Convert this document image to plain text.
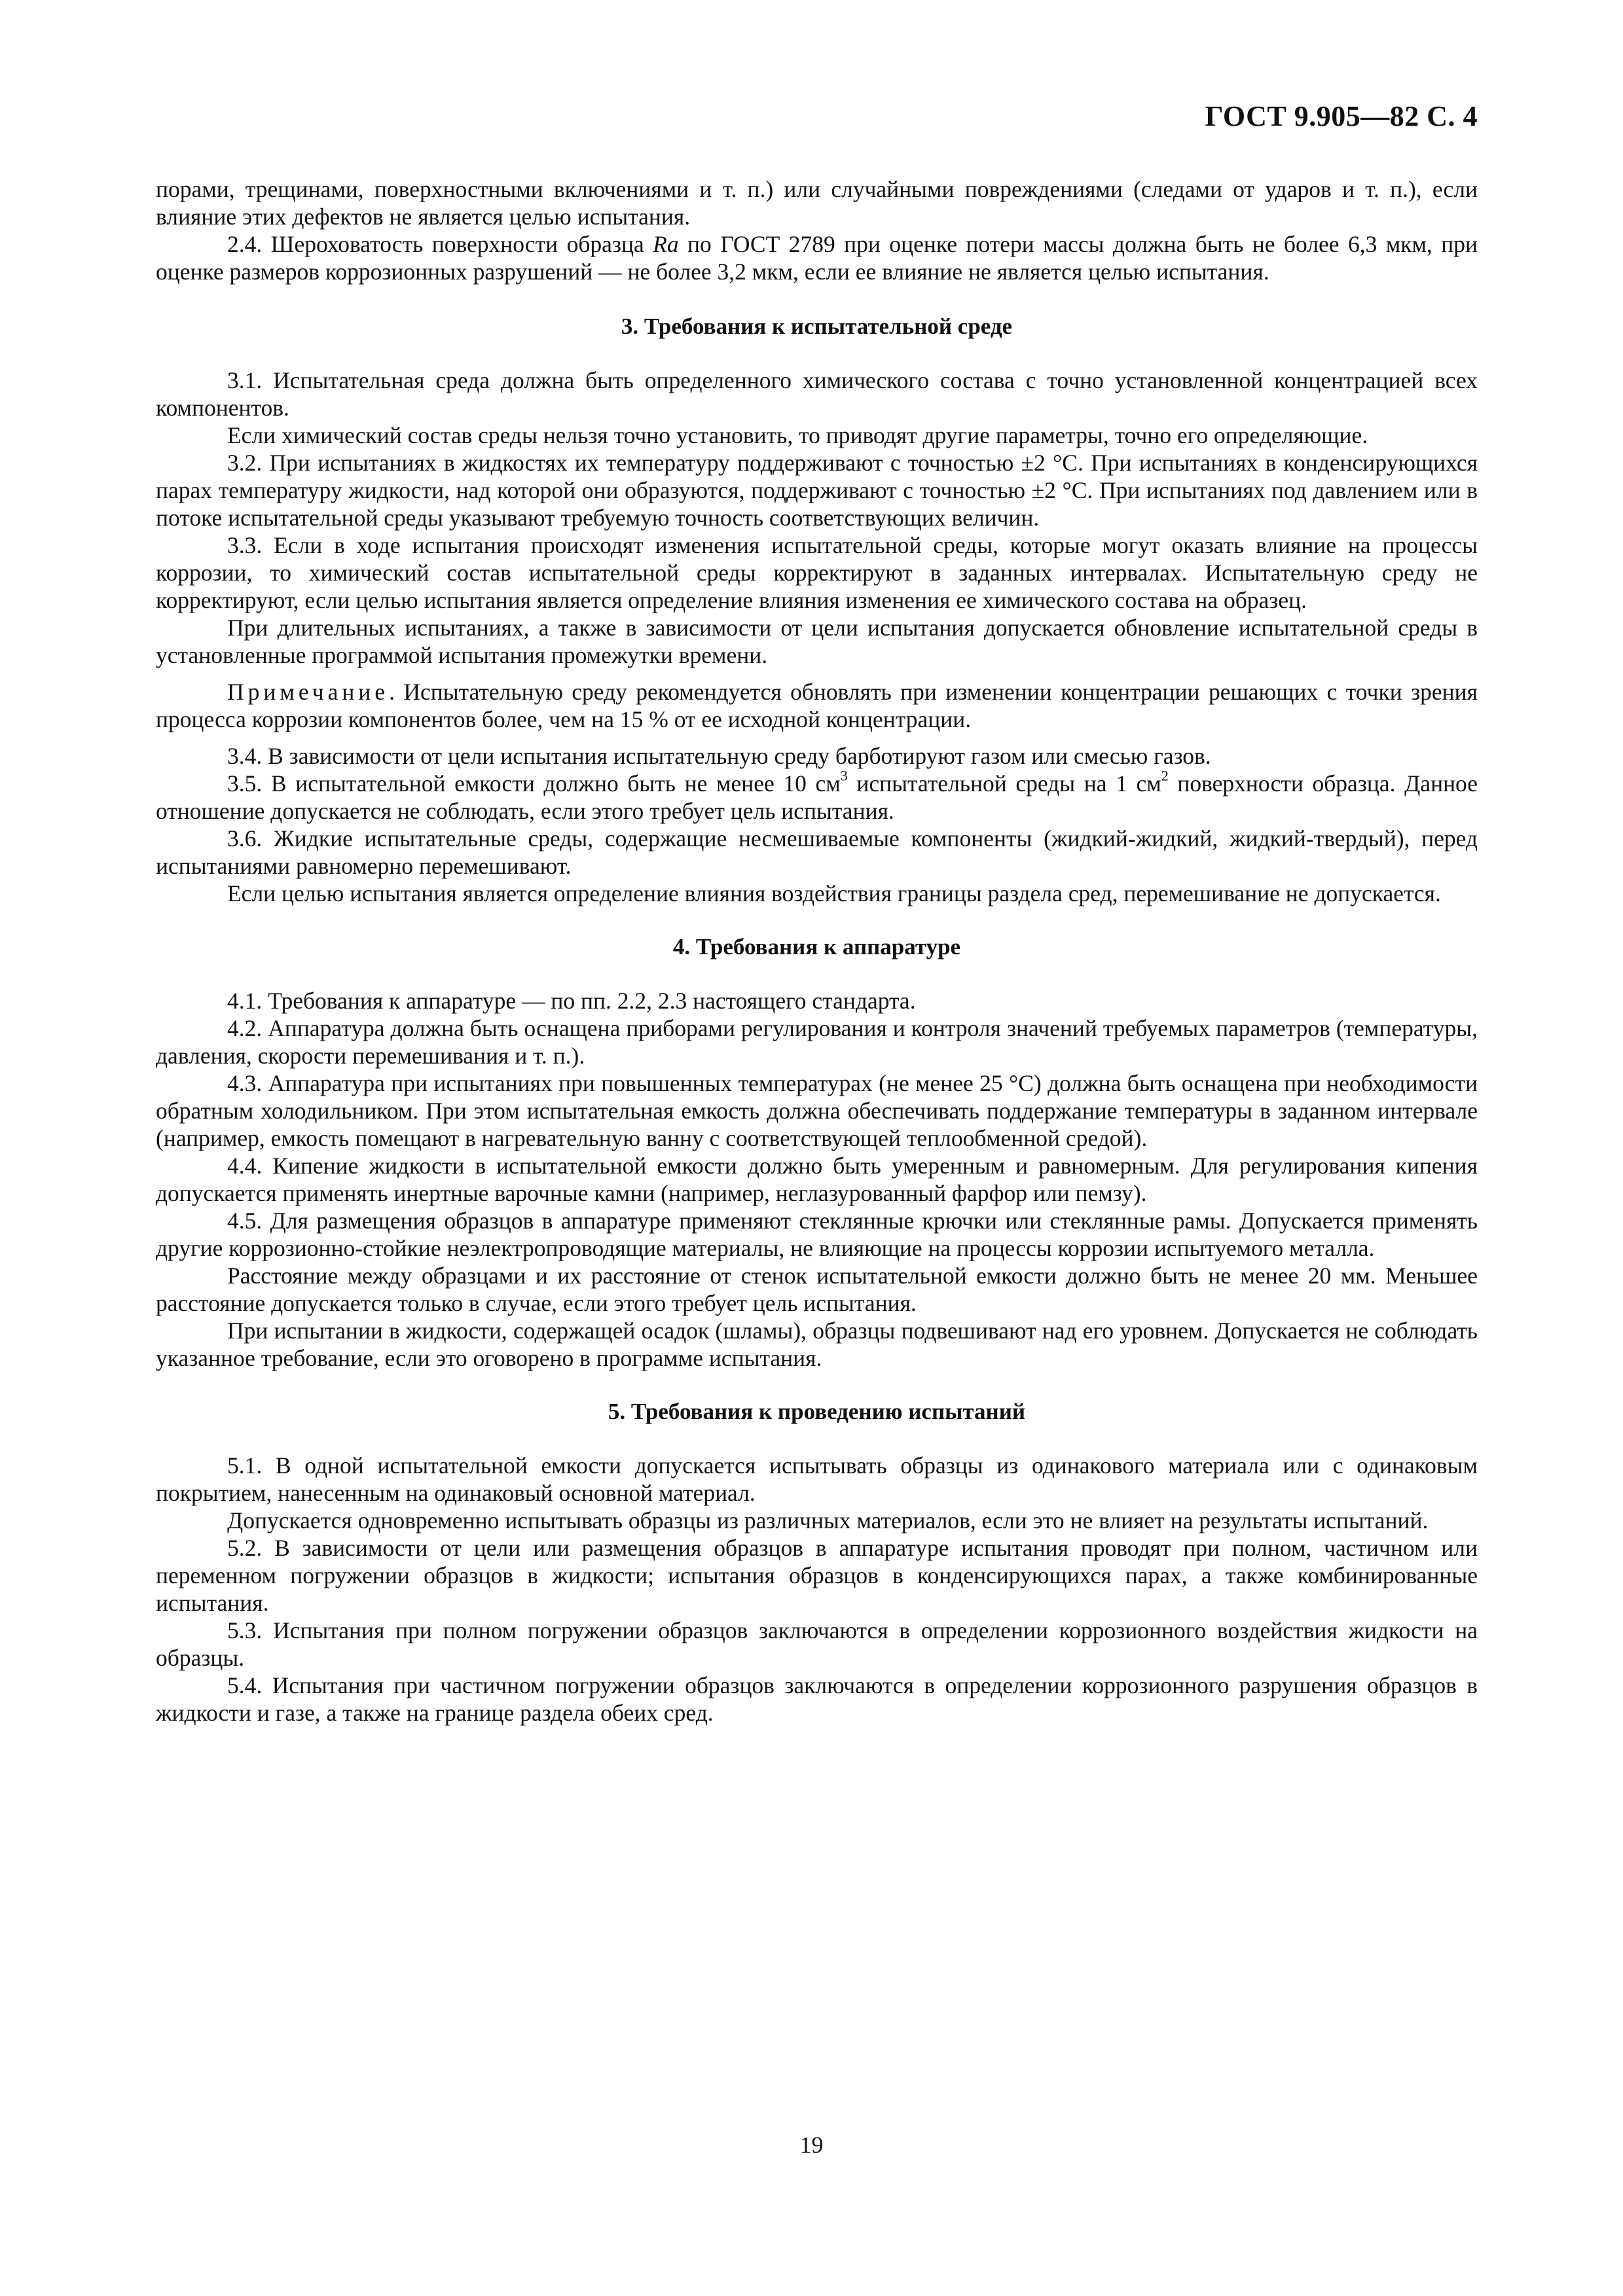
ГОСТ 9.905—82 С. 4

порами, трещинами, поверхностными включениями и т. п.) или случайными повреждениями (следами от ударов и т. п.), если влияние этих дефектов не является целью испытания.

2.4. Шероховатость поверхности образца Ra по ГОСТ 2789 при оценке потери массы должна быть не более 6,3 мкм, при оценке размеров коррозионных разрушений — не более 3,2 мкм, если ее влияние не является целью испытания.

3. Требования к испытательной среде

3.1. Испытательная среда должна быть определенного химического состава с точно установленной концентрацией всех компонентов.

Если химический состав среды нельзя точно установить, то приводят другие параметры, точно его определяющие.

3.2. При испытаниях в жидкостях их температуру поддерживают с точностью ±2 °С. При испытаниях в конденсирующихся парах температуру жидкости, над которой они образуются, поддерживают с точностью ±2 °С. При испытаниях под давлением или в потоке испытательной среды указывают требуемую точность соответствующих величин.

3.3. Если в ходе испытания происходят изменения испытательной среды, которые могут оказать влияние на процессы коррозии, то химический состав испытательной среды корректируют в заданных интервалах. Испытательную среду не корректируют, если целью испытания является определение влияния изменения ее химического состава на образец.

При длительных испытаниях, а также в зависимости от цели испытания допускается обновление испытательной среды в установленные программой испытания промежутки времени.

Примечание. Испытательную среду рекомендуется обновлять при изменении концентрации решающих с точки зрения процесса коррозии компонентов более, чем на 15 % от ее исходной концентрации.

3.4. В зависимости от цели испытания испытательную среду барботируют газом или смесью газов.

3.5. В испытательной емкости должно быть не менее 10 $см^3$ испытательной среды на 1 $см^2$ поверхности образца. Данное отношение допускается не соблюдать, если этого требует цель испытания.

3.6. Жидкие испытательные среды, содержащие несмешиваемые компоненты (жидкий-жидкий, жидкий-твердый), перед испытаниями равномерно перемешивают.

Если целью испытания является определение влияния воздействия границы раздела сред, перемешивание не допускается.

4. Требования к аппаратуре

4.1. Требования к аппаратуре — по пп. 2.2, 2.3 настоящего стандарта.

4.2. Аппаратура должна быть оснащена приборами регулирования и контроля значений требуемых параметров (температуры, давления, скорости перемешивания и т. п.).

4.3. Аппаратура при испытаниях при повышенных температурах (не менее 25 °С) должна быть оснащена при необходимости обратным холодильником. При этом испытательная емкость должна обеспечивать поддержание температуры в заданном интервале (например, емкость помещают в нагревательную ванну с соответствующей теплообменной средой).

4.4. Кипение жидкости в испытательной емкости должно быть умеренным и равномерным. Для регулирования кипения допускается применять инертные варочные камни (например, неглазурованный фарфор или пемзу).

4.5. Для размещения образцов в аппаратуре применяют стеклянные крючки или стеклянные рамы. Допускается применять другие коррозионно-стойкие неэлектропроводящие материалы, не влияющие на процессы коррозии испытуемого металла.

Расстояние между образцами и их расстояние от стенок испытательной емкости должно быть не менее 20 мм. Меньшее расстояние допускается только в случае, если этого требует цель испытания.

При испытании в жидкости, содержащей осадок (шламы), образцы подвешивают над его уровнем. Допускается не соблюдать указанное требование, если это оговорено в программе испытания.

5. Требования к проведению испытаний

5.1. В одной испытательной емкости допускается испытывать образцы из одинакового материала или с одинаковым покрытием, нанесенным на одинаковый основной материал.

Допускается одновременно испытывать образцы из различных материалов, если это не влияет на результаты испытаний.

5.2. В зависимости от цели или размещения образцов в аппаратуре испытания проводят при полном, частичном или переменном погружении образцов в жидкости; испытания образцов в конденсирующихся парах, а также комбинированные испытания.

5.3. Испытания при полном погружении образцов заключаются в определении коррозионного воздействия жидкости на образцы.

5.4. Испытания при частичном погружении образцов заключаются в определении коррозионного разрушения образцов в жидкости и газе, а также на границе раздела обеих сред.

19
